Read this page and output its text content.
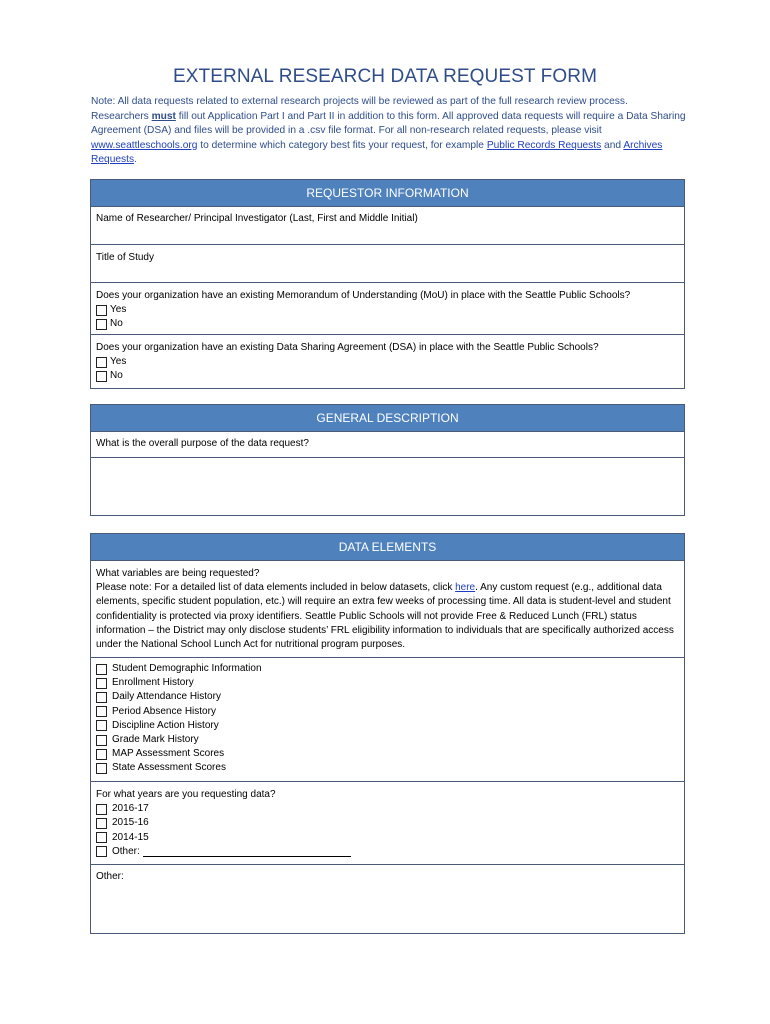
EXTERNAL RESEARCH DATA REQUEST FORM
Note: All data requests related to external research projects will be reviewed as part of the full research review process. Researchers must fill out Application Part I and Part II in addition to this form. All approved data requests will require a Data Sharing Agreement (DSA) and files will be provided in a .csv file format. For all non-research related requests, please visit www.seattleschools.org to determine which category best fits your request, for example Public Records Requests and Archives Requests.
REQUESTOR INFORMATION
Name of Researcher/ Principal Investigator (Last, First and Middle Initial)
Title of Study
Does your organization have an existing Memorandum of Understanding (MoU) in place with the Seattle Public Schools?
Yes
No
Does your organization have an existing Data Sharing Agreement (DSA) in place with the Seattle Public Schools?
Yes
No
GENERAL DESCRIPTION
What is the overall purpose of the data request?
DATA ELEMENTS
What variables are being requested?
Please note: For a detailed list of data elements included in below datasets, click here. Any custom request (e.g., additional data elements, specific student population, etc.) will require an extra few weeks of processing time. All data is student-level and student confidentiality is protected via proxy identifiers. Seattle Public Schools will not provide Free & Reduced Lunch (FRL) status information – the District may only disclose students’ FRL eligibility information to individuals that are specifically authorized access under the National School Lunch Act for nutritional program purposes.
Student Demographic Information
Enrollment History
Daily Attendance History
Period Absence History
Discipline Action History
Grade Mark History
MAP Assessment Scores
State Assessment Scores
For what years are you requesting data?
2016-17
2015-16
2014-15
Other:
Other:
